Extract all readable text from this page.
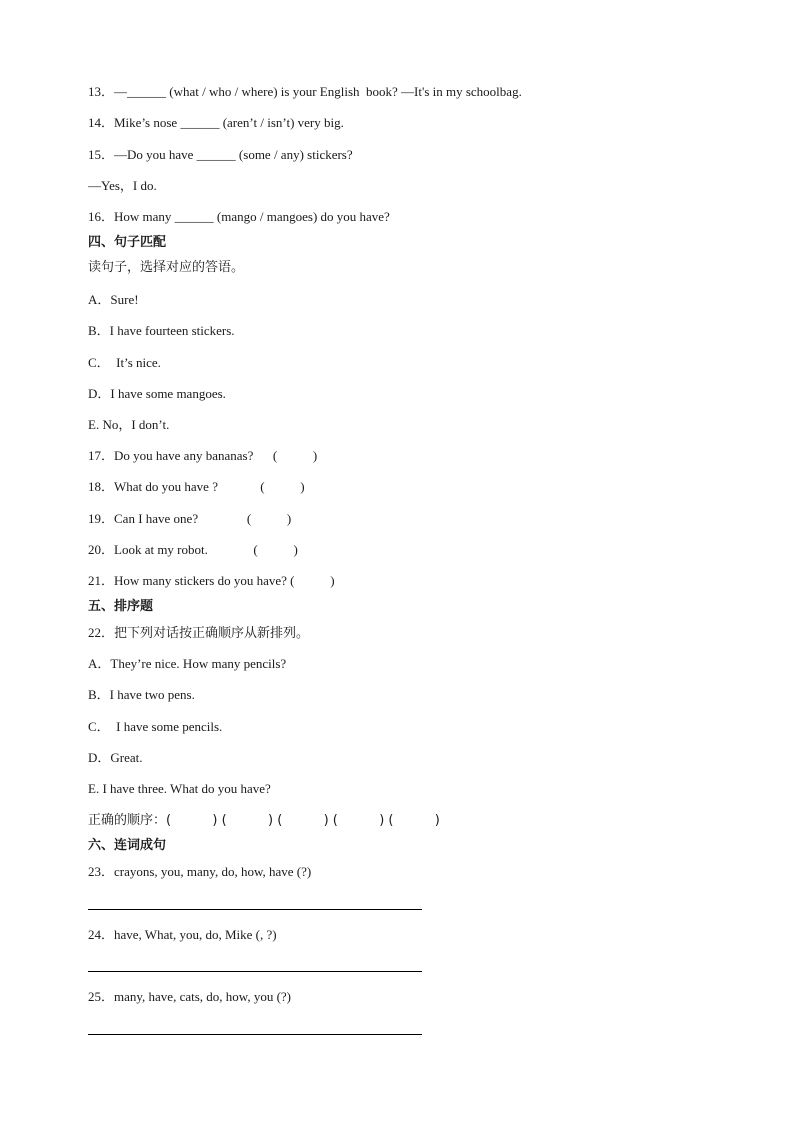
13．—______ (what / who / where) is your English  book? —It's in my schoolbag.
14．Mike’s nose ______ (aren’t / isn’t) very big.
15．—Do you have ______ (some / any) stickers?
—Yes，I do.
16．How many ______ (mango / mangoes) do you have?
四、句子匹配
读句子，选择对应的答语。
A．Sure!
B．I have fourteen stickers.
C．  It’s nice.
D．I have some mangoes.
E. No，I don’t.
17．Do you have any bananas?      (           )
18．What do you have ?             (           )
19．Can I have one?               (           )
20．Look at my robot.              (           )
21．How many stickers do you have? (           )
五、排序题
22．把下列对话按正确顺序从新排列。
A．They’re nice. How many pencils?
B．I have two pens.
C．  I have some pencils.
D．Great.
E. I have three. What do you have?
正确的顺序：(          ) (          ) (          ) (          ) (          )
六、连词成句
23．crayons, you, many, do, how, have (?)
24．have, What, you, do, Mike (, ?)
25．many, have, cats, do, how, you (?)
